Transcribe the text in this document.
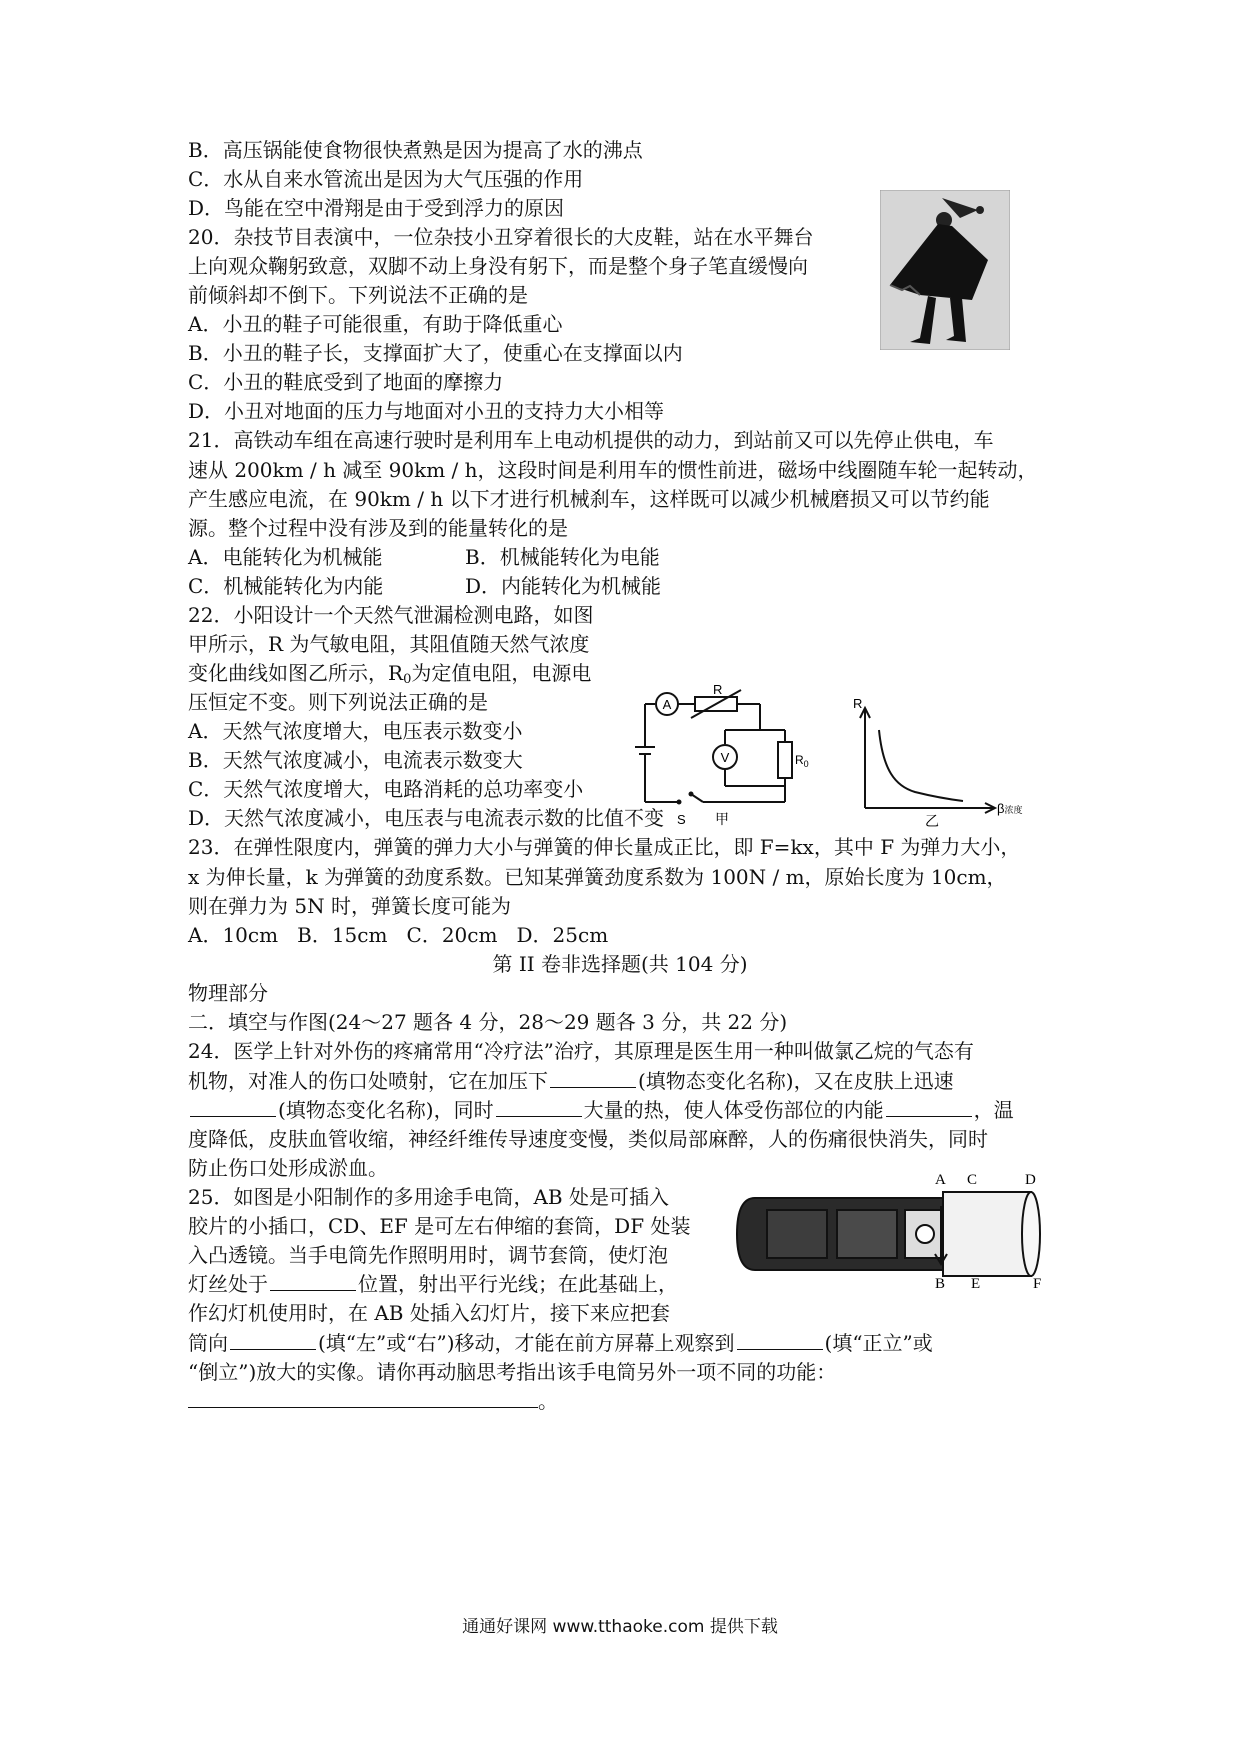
B．高压锅能使食物很快煮熟是因为提高了水的沸点
C．水从自来水管流出是因为大气压强的作用
D．鸟能在空中滑翔是由于受到浮力的原因
20．杂技节目表演中，一位杂技小丑穿着很长的大皮鞋，站在水平舞台
上向观众鞠躬致意，双脚不动上身没有躬下，而是整个身子笔直缓慢向
前倾斜却不倒下。下列说法不正确的是
A．小丑的鞋子可能很重，有助于降低重心
B．小丑的鞋子长，支撑面扩大了，使重心在支撑面以内
C．小丑的鞋底受到了地面的摩擦力
D．小丑对地面的压力与地面对小丑的支持力大小相等
21．高铁动车组在高速行驶时是利用车上电动机提供的动力，到站前又可以先停止供电，车
速从 200km / h 减至 90km / h，这段时间是利用车的惯性前进，磁场中线圈随车轮一起转动，
产生感应电流，在 90km / h 以下才进行机械刹车，这样既可以减少机械磨损又可以节约能
源。整个过程中没有涉及到的能量转化的是
A．电能转化为机械能	B．机械能转化为电能
C．机械能转化为内能	D．内能转化为机械能
22．小阳设计一个天然气泄漏检测电路，如图
甲所示，R 为气敏电阻，其阻值随天然气浓度
变化曲线如图乙所示，$R_0$为定值电阻，电源电
压恒定不变。则下列说法正确的是
A．天然气浓度增大，电压表示数变小
B．天然气浓度减小，电流表示数变大
C．天然气浓度增大，电路消耗的总功率变小
D．天然气浓度减小，电压表与电流表示数的比值不变
A
V
R
$R_0$
S 甲
R
β浓度
乙
23．在弹性限度内，弹簧的弹力大小与弹簧的伸长量成正比，即 F=kx，其中 F 为弹力大小，
x 为伸长量，k 为弹簧的劲度系数。已知某弹簧劲度系数为 100N / m，原始长度为 10cm，
则在弹力为 5N 时，弹簧长度可能为
A．10cm   B．15cm   C．20cm   D．25cm
第 II 卷非选择题(共 104 分)
物理部分
二．填空与作图(24～27 题各 4 分，28～29 题各 3 分，共 22 分)
24．医学上针对外伤的疼痛常用“冷疗法”治疗，其原理是医生用一种叫做氯乙烷的气态有
机物，对准人的伤口处喷射，它在加压下	(填物态变化名称)，又在皮肤上迅速
(填物态变化名称)，同时	大量的热，使人体受伤部位的内能	，温
度降低，皮肤血管收缩，神经纤维传导速度变慢，类似局部麻醉，人的伤痛很快消失，同时
防止伤口处形成淤血。
25．如图是小阳制作的多用途手电筒，AB 处是可插入
胶片的小插口，CD、EF 是可左右伸缩的套筒，DF 处装
入凸透镜。当手电筒先作照明用时，调节套筒，使灯泡
灯丝处于	位置，射出平行光线；在此基础上，
作幻灯机使用时，在 AB 处插入幻灯片，接下来应把套
筒向	(填“左”或“右”)移动，才能在前方屏幕上观察到	(填“正立”或
“倒立”)放大的实像。请你再动脑思考指出该手电筒另外一项不同的功能：
。
A C	D
B E	F
通通好课网 www.tthaoke.com 提供下载
